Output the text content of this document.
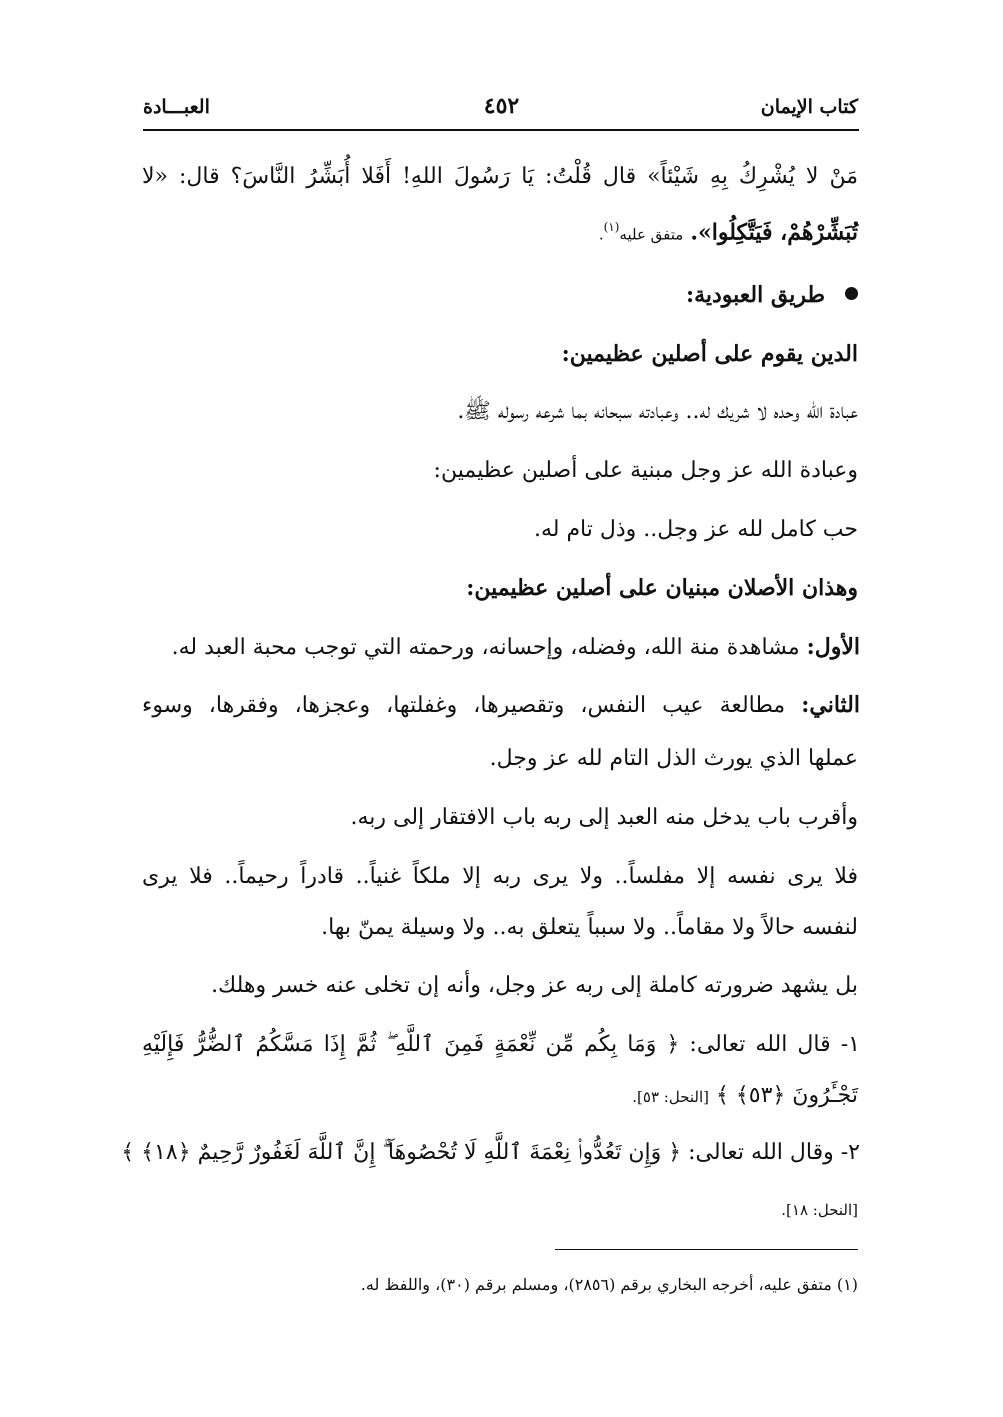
كتاب الإيمان
٤٥٢
العبـــادة
مَنْ لا يُشْرِكُ بِهِ شَيْئاً» قال قُلْتُ: يَا رَسُولَ اللهِ! أَفَلا أُبَشِّرُ النَّاسَ؟ قال: «لا
تُبَشِّرْهُمْ، فَيَتَّكِلُوا». متفق عليه$^{(١)}$.
طريق العبودية:
الدين يقوم على أصلين عظيمين:
عبادة الله وحده لا شريك له.. وعبادته سبحانه بما شرعه رسوله ﷺ.
وعبادة الله عز وجل مبنية على أصلين عظيمين:
حب كامل لله عز وجل.. وذل تام له.
وهذان الأصلان مبنيان على أصلين عظيمين:
الأول: مشاهدة منة الله، وفضله، وإحسانه، ورحمته التي توجب محبة العبد له.
الثاني: مطالعة عيب النفس، وتقصيرها، وغفلتها، وعجزها، وفقرها، وسوء
عملها الذي يورث الذل التام لله عز وجل.
وأقرب باب يدخل منه العبد إلى ربه باب الافتقار إلى ربه.
فلا يرى نفسه إلا مفلساً.. ولا يرى ربه إلا ملكاً غنياً.. قادراً رحيماً.. فلا يرى
لنفسه حالاً ولا مقاماً.. ولا سبباً يتعلق به.. ولا وسيلة يمنّ بها.
بل يشهد ضرورته كاملة إلى ربه عز وجل، وأنه إن تخلى عنه خسر وهلك.
١- قال الله تعالى: ﴿ وَمَا بِكُم مِّن نِّعْمَةٍ فَمِنَ ٱللَّهِ ۖ ثُمَّ إِذَا مَسَّكُمُ ٱلضُّرُّ فَإِلَيْهِ
تَجْـَٔرُونَ ﴿٥٣﴾ ﴾ [النحل: ٥٣].
٢- وقال الله تعالى: ﴿ وَإِن تَعُدُّوا۟ نِعْمَةَ ٱللَّهِ لَا تُحْصُوهَآ ۗ إِنَّ ٱللَّهَ لَغَفُورٌ رَّحِيمٌ ﴿١٨﴾ ﴾
[النحل: ١٨].
(١) متفق عليه، أخرجه البخاري برقم (٢٨٥٦)، ومسلم برقم (٣٠)، واللفظ له.
